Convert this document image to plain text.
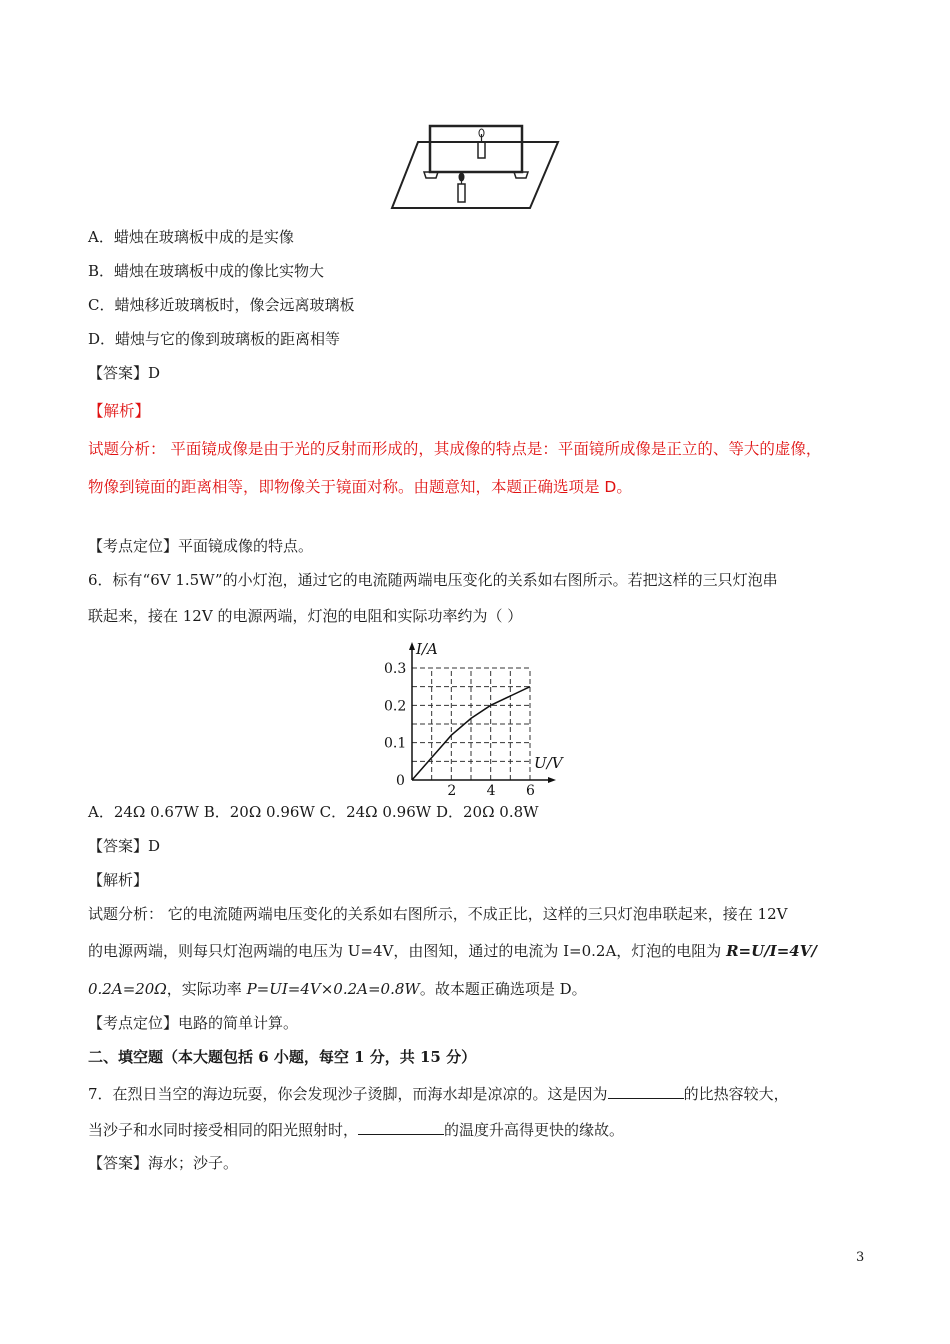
A．蜡烛在玻璃板中成的是实像
B．蜡烛在玻璃板中成的像比实物大
C．蜡烛移近玻璃板时，像会远离玻璃板
D．蜡烛与它的像到玻璃板的距离相等
【答案】D
【解析】
试题分析： 平面镜成像是由于光的反射而形成的，其成像的特点是：平面镜所成像是正立的、等大的虚像，
物像到镜面的距离相等，即物像关于镜面对称。由题意知，本题正确选项是 D。
【考点定位】平面镜成像的特点。
6．标有“6V 1.5W”的小灯泡，通过它的电流随两端电压变化的关系如右图所示。若把这样的三只灯泡串
联起来，接在 12V 的电源两端，灯泡的电阻和实际功率约为（ ）
I/A
U/V
0
2 4 6
0.1
0.2
0.3
A．24Ω 0.67W B．20Ω 0.96W C．24Ω 0.96W D．20Ω 0.8W
【答案】D
【解析】
试题分析： 它的电流随两端电压变化的关系如右图所示，不成正比，这样的三只灯泡串联起来，接在 12V
的电源两端，则每只灯泡两端的电压为 U=4V，由图知，通过的电流为 I=0.2A，灯泡的电阻为 R=U/I=4V/
0.2A=20Ω，实际功率 P=UI=4V×0.2A=0.8W。故本题正确选项是 D。
【考点定位】电路的简单计算。
二、填空题（本大题包括 6 小题，每空 1 分，共 15 分）
7．在烈日当空的海边玩耍，你会发现沙子烫脚，而海水却是凉凉的。这是因为	的比热容较大，
当沙子和水同时接受相同的阳光照射时，	的温度升高得更快的缘故。
【答案】海水；沙子。
3
